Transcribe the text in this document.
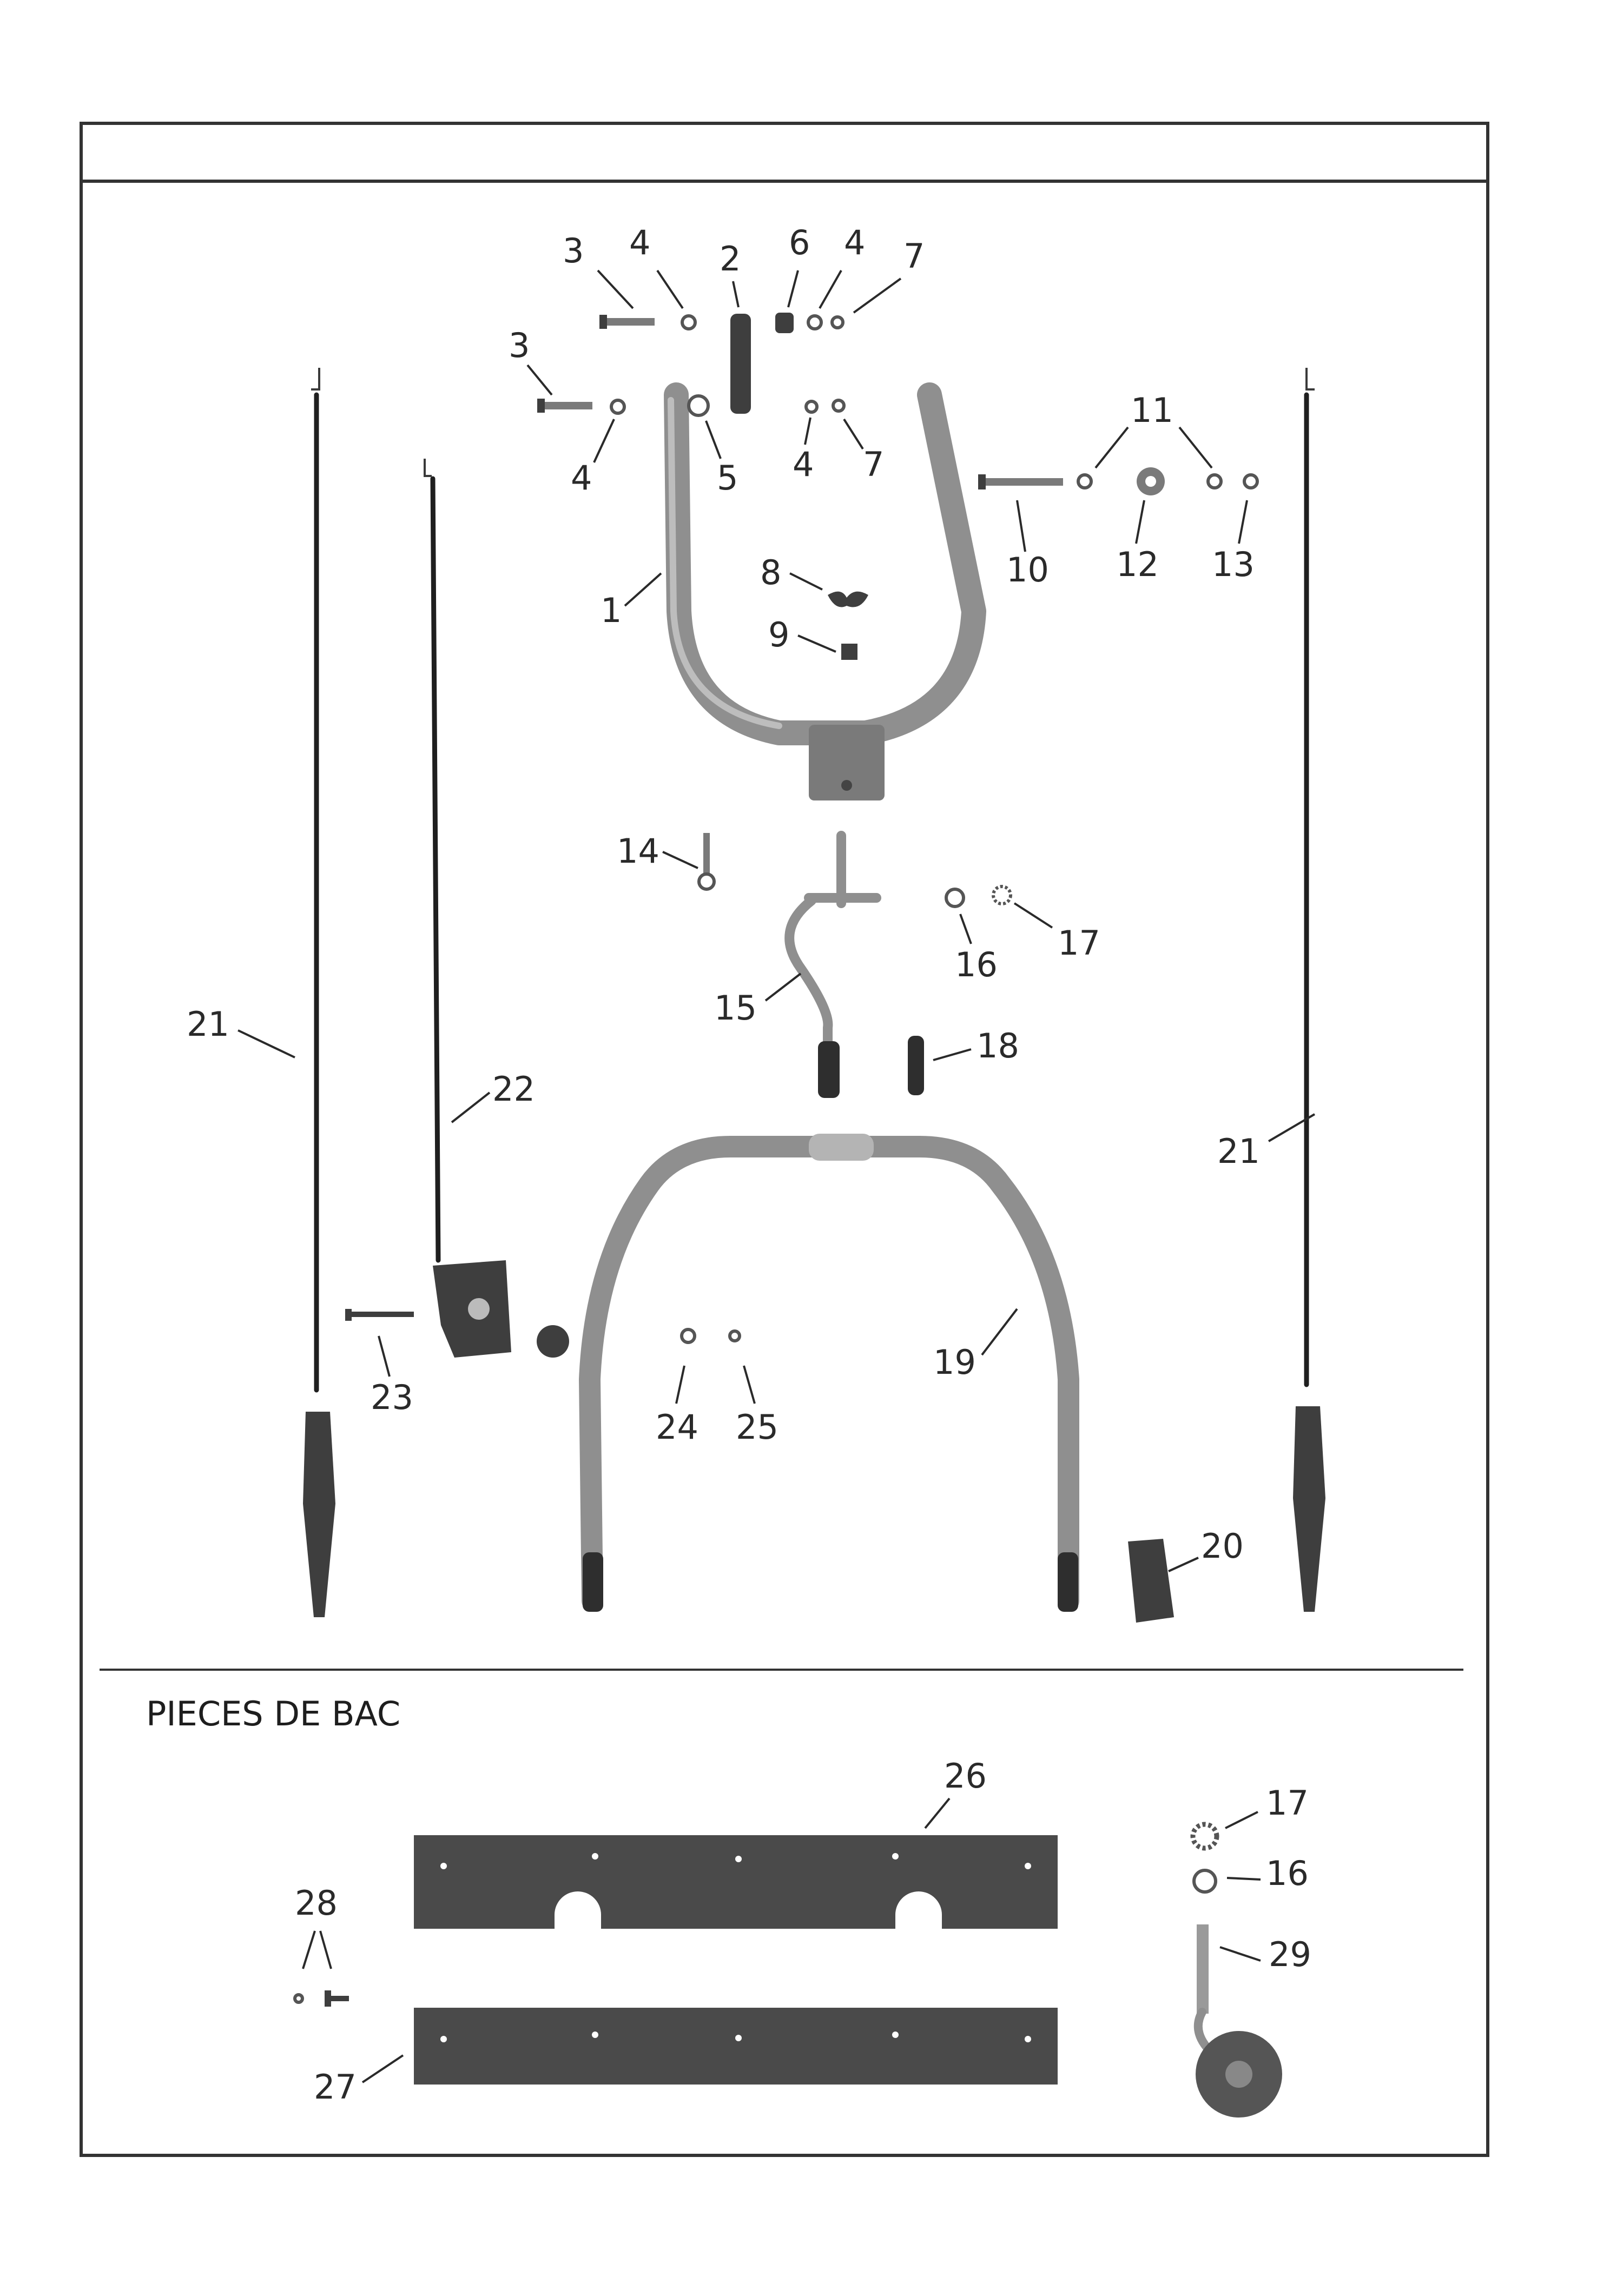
3 4 2 6 4 7
3
4	5 4 7
11
10 12 13
1
8
9
14
16
17
15
18
21
22
21
19
23
24 25
20
PIECES DE BAC
26
17
16
28
29
27
